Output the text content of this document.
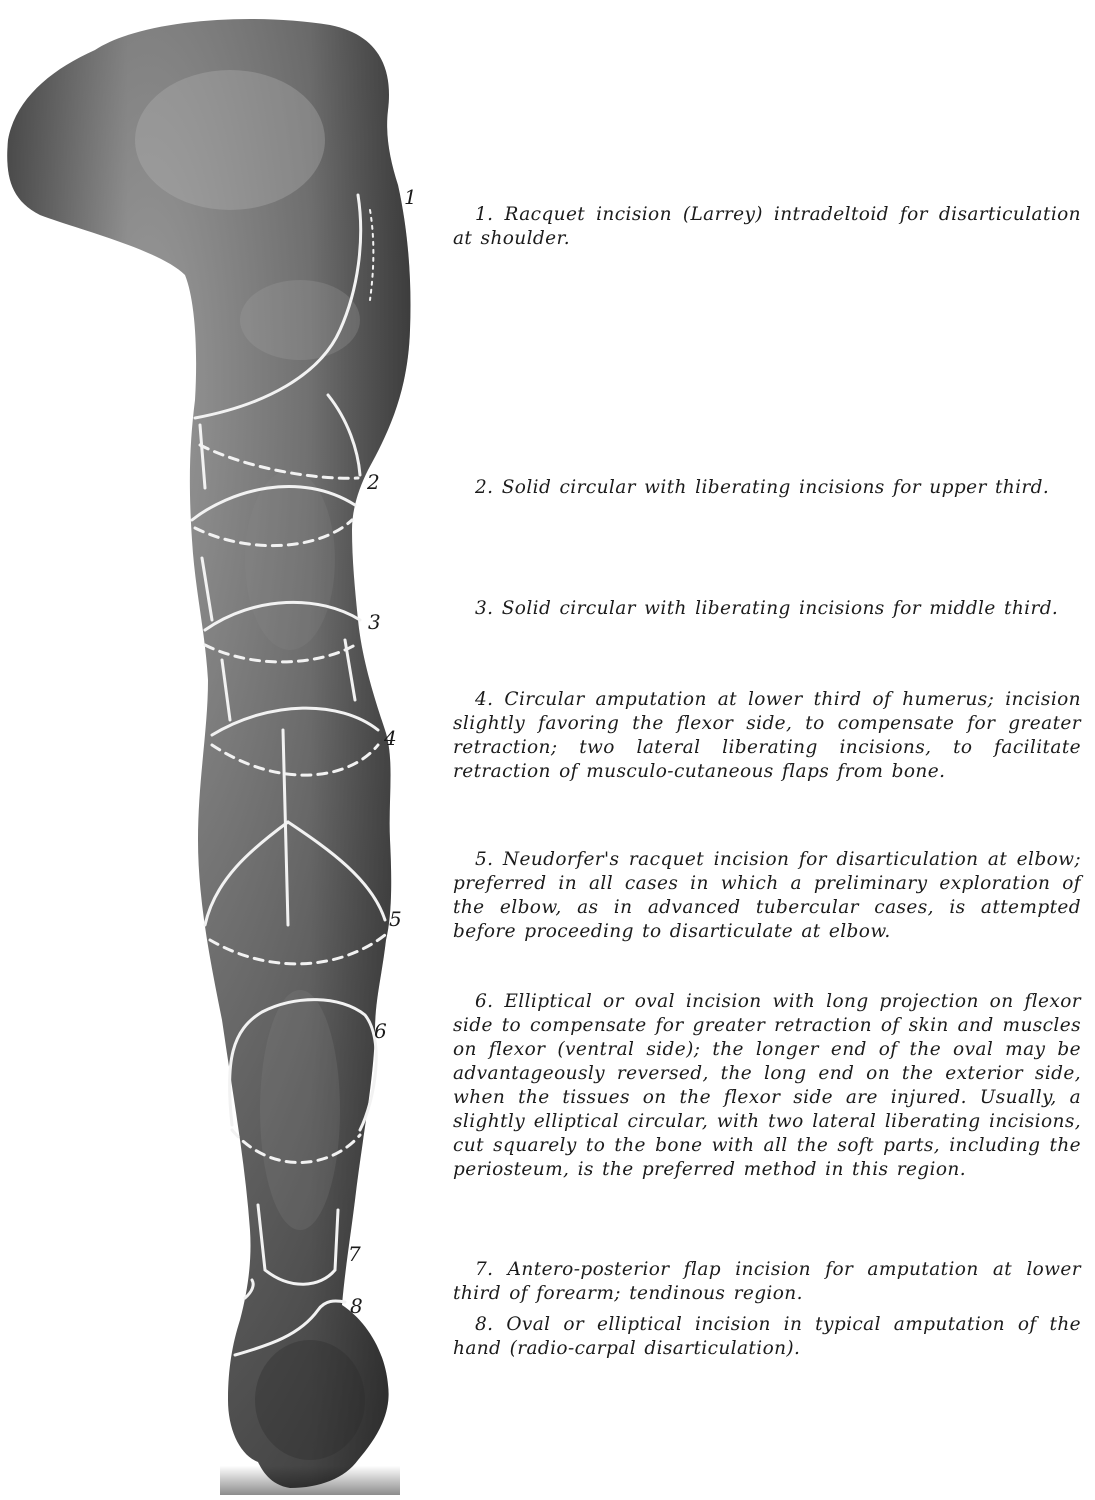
1
2
3
4
5
6
7
8
1. Racquet incision (Larrey) intradeltoid for disarticulation at shoulder.
2. Solid circular with liberating incisions for upper third.
3. Solid circular with liberating incisions for middle third.
4. Circular amputation at lower third of humerus; incision slightly favoring the flexor side, to compensate for greater retraction; two lateral liberating incisions, to facilitate retraction of musculo-cutaneous flaps from bone.
5. Neudorfer's racquet incision for disarticulation at elbow; preferred in all cases in which a preliminary exploration of the elbow, as in advanced tubercular cases, is attempted before proceeding to disarticulate at elbow.
6. Elliptical or oval incision with long projection on flexor side to compensate for greater retraction of skin and muscles on flexor (ventral side); the longer end of the oval may be advantageously reversed, the long end on the exterior side, when the tissues on the flexor side are injured. Usually, a slightly elliptical circular, with two lateral liberating incisions, cut squarely to the bone with all the soft parts, including the periosteum, is the preferred method in this region.
7. Antero-posterior flap incision for amputation at lower third of forearm; tendinous region.
8. Oval or elliptical incision in typical amputation of the hand (radio-carpal disarticulation).
